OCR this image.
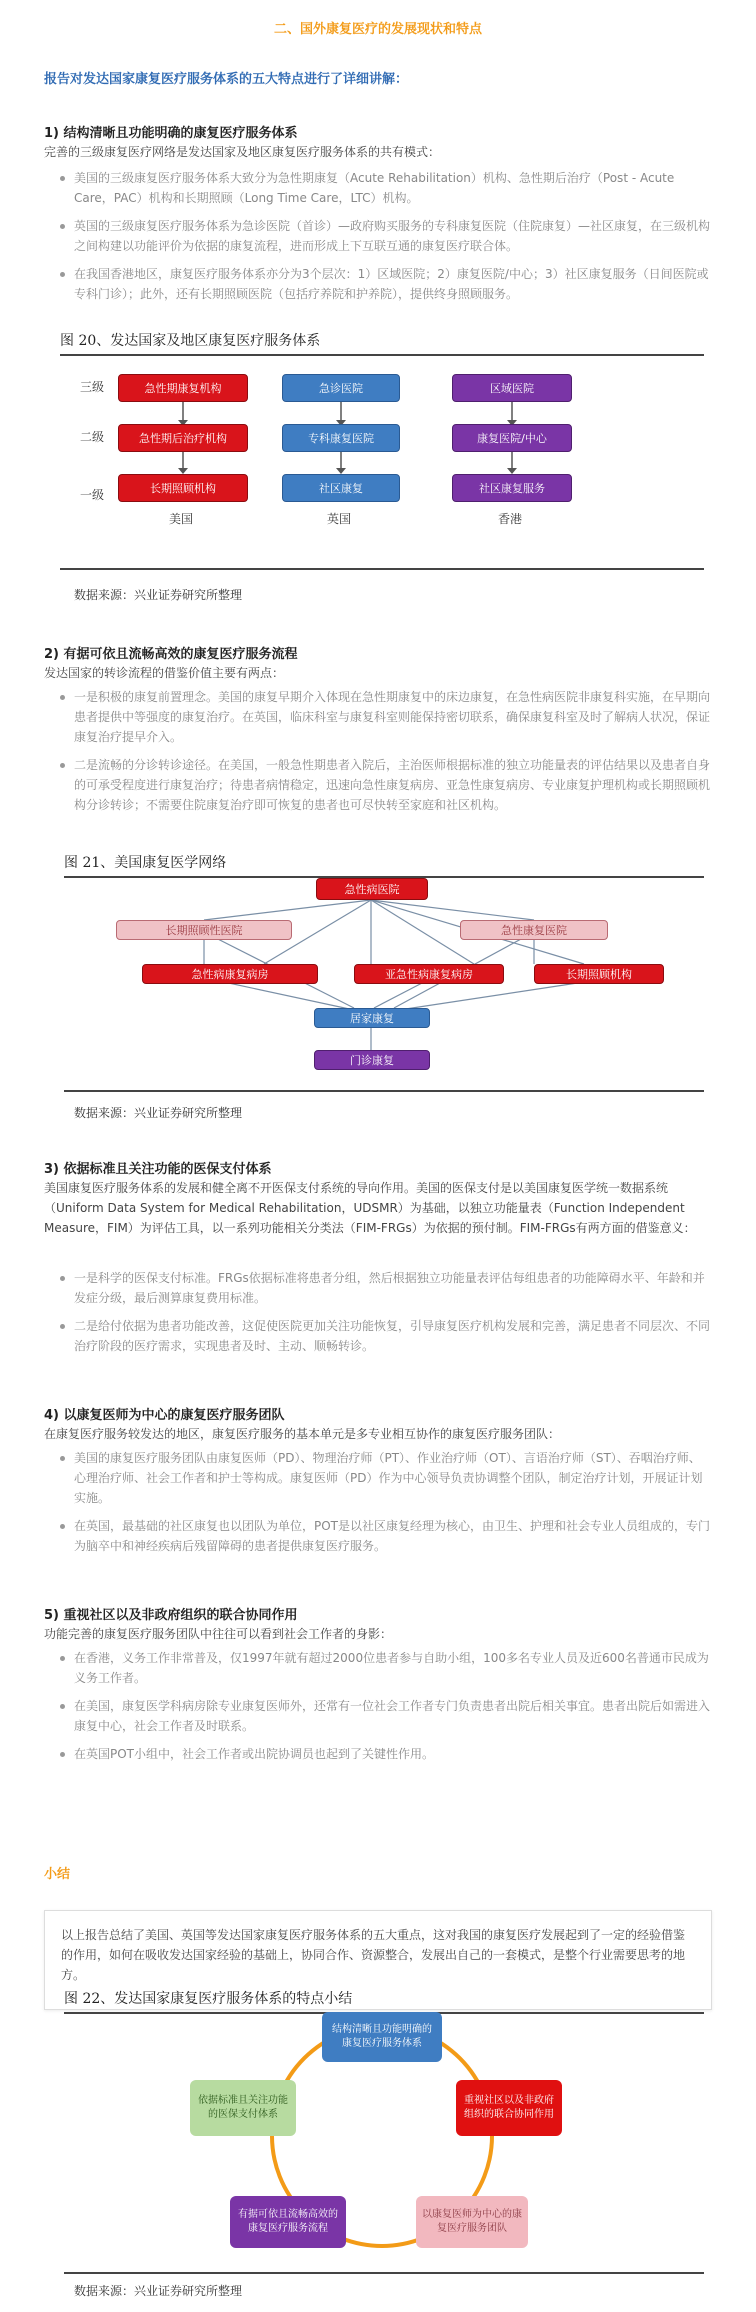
二、国外康复医疗的发展现状和特点
报告对发达国家康复医疗服务体系的五大特点进行了详细讲解：
1) 结构清晰且功能明确的康复医疗服务体系
完善的三级康复医疗网络是发达国家及地区康复医疗服务体系的共有模式：
美国的三级康复医疗服务体系大致分为急性期康复（Acute Rehabilitation）机构、急性期后治疗（Post - Acute Care，PAC）机构和长期照顾（Long Time Care，LTC）机构。
英国的三级康复医疗服务体系为急诊医院（首诊）—政府购买服务的专科康复医院（住院康复）—社区康复，在三级机构之间构建以功能评价为依据的康复流程，进而形成上下互联互通的康复医疗联合体。
在我国香港地区，康复医疗服务体系亦分为3个层次：1）区域医院；2）康复医院/中心；3）社区康复服务（日间医院或专科门诊）；此外，还有长期照顾医院（包括疗养院和护养院），提供终身照顾服务。
图 20、发达国家及地区康复医疗服务体系
三级
二级
一级
急性期康复机构
急性期后治疗机构
长期照顾机构
急诊医院
专科康复医院
社区康复
区域医院
康复医院/中心
社区康复服务
美国	英国	香港
数据来源：兴业证券研究所整理
2) 有据可依且流畅高效的康复医疗服务流程
发达国家的转诊流程的借鉴价值主要有两点：
一是积极的康复前置理念。美国的康复早期介入体现在急性期康复中的床边康复，在急性病医院非康复科实施，在早期向患者提供中等强度的康复治疗。在英国，临床科室与康复科室则能保持密切联系，确保康复科室及时了解病人状况，保证康复治疗提早介入。
二是流畅的分诊转诊途径。在美国，一般急性期患者入院后，主治医师根据标准的独立功能量表的评估结果以及患者自身的可承受程度进行康复治疗；待患者病情稳定，迅速向急性康复病房、亚急性康复病房、专业康复护理机构或长期照顾机构分诊转诊；不需要住院康复治疗即可恢复的患者也可尽快转至家庭和社区机构。
图 21、美国康复医学网络
急性病医院
长期照顾性医院	急性康复医院
急性病康复病房	亚急性病康复病房	长期照顾机构
居家康复
门诊康复
数据来源：兴业证券研究所整理
3) 依据标准且关注功能的医保支付体系
美国康复医疗服务体系的发展和健全离不开医保支付系统的导向作用。美国的医保支付是以美国康复医学统一数据系统（Uniform Data System for Medical Rehabilitation，UDSMR）为基础，以独立功能量表（Function Independent Measure，FIM）为评估工具，以一系列功能相关分类法（FIM-FRGs）为依据的预付制。FIM-FRGs有两方面的借鉴意义：
一是科学的医保支付标准。FRGs依据标准将患者分组，然后根据独立功能量表评估每组患者的功能障碍水平、年龄和并发症分级，最后测算康复费用标准。
二是给付依据为患者功能改善，这促使医院更加关注功能恢复，引导康复医疗机构发展和完善，满足患者不同层次、不同治疗阶段的医疗需求，实现患者及时、主动、顺畅转诊。
4) 以康复医师为中心的康复医疗服务团队
在康复医疗服务较发达的地区，康复医疗服务的基本单元是多专业相互协作的康复医疗服务团队：
美国的康复医疗服务团队由康复医师（PD）、物理治疗师（PT）、作业治疗师（OT）、言语治疗师（ST）、吞咽治疗师、心理治疗师、社会工作者和护士等构成。康复医师（PD）作为中心领导负责协调整个团队，制定治疗计划，开展证计划实施。
在英国，最基础的社区康复也以团队为单位，POT是以社区康复经理为核心，由卫生、护理和社会专业人员组成的，专门为脑卒中和神经疾病后残留障碍的患者提供康复医疗服务。
5) 重视社区以及非政府组织的联合协同作用
功能完善的康复医疗服务团队中往往可以看到社会工作者的身影：
在香港，义务工作非常普及，仅1997年就有超过2000位患者参与自助小组，100多名专业人员及近600名普通市民成为义务工作者。
在美国，康复医学科病房除专业康复医师外，还常有一位社会工作者专门负责患者出院后相关事宜。患者出院后如需进入康复中心，社会工作者及时联系。
在英国POT小组中，社会工作者或出院协调员也起到了关键性作用。
小结
以上报告总结了美国、英国等发达国家康复医疗服务体系的五大重点，这对我国的康复医疗发展起到了一定的经验借鉴的作用，如何在吸收发达国家经验的基础上，协同合作、资源整合，发展出自己的一套模式，是整个行业需要思考的地方。
图 22、发达国家康复医疗服务体系的特点小结
结构清晰且功能明确的康复医疗服务体系
重视社区以及非政府组织的联合协同作用
以康复医师为中心的康复医疗服务团队
有据可依且流畅高效的康复医疗服务流程
依据标准且关注功能的医保支付体系
数据来源：兴业证券研究所整理
